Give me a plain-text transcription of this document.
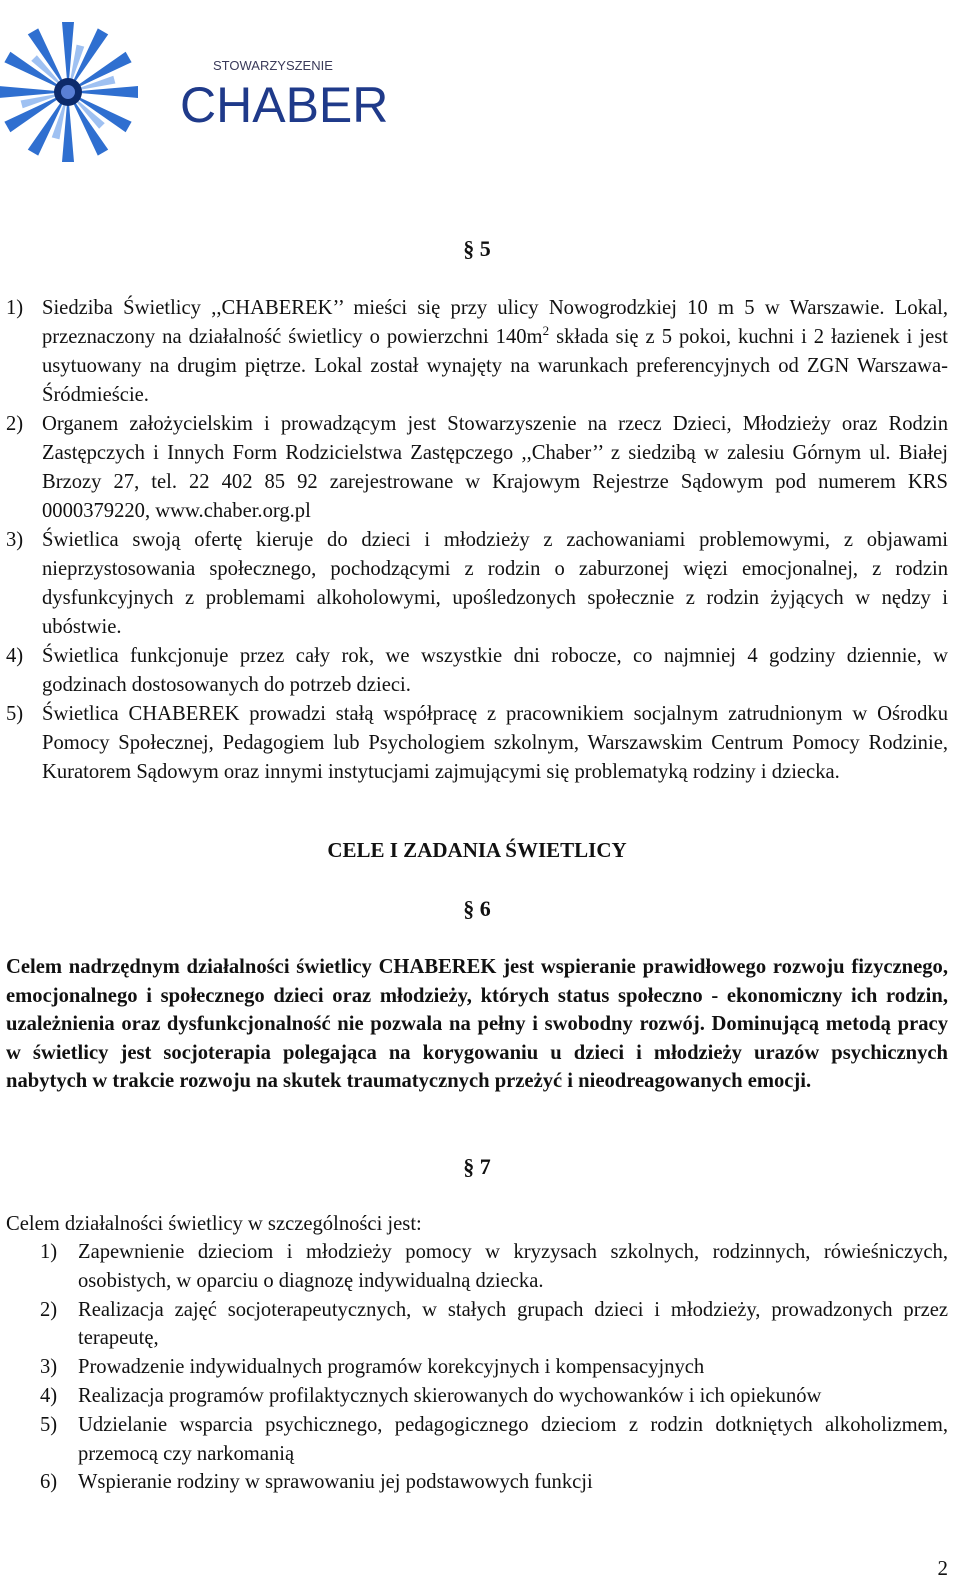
STOWARZYSZENIE
CHABER
§ 5
1) Siedziba Świetlicy ,,CHABEREK’’ mieści się przy ulicy Nowogrodzkiej 10 m 5 w Warszawie. Lokal, przeznaczony na działalność świetlicy o powierzchni $140m^2$ składa się z 5 pokoi, kuchni i 2 łazienek i jest usytuowany na drugim piętrze. Lokal został wynajęty na warunkach preferencyjnych od ZGN Warszawa-Śródmieście.
2) Organem założycielskim i prowadzącym jest Stowarzyszenie na rzecz Dzieci, Młodzieży oraz Rodzin Zastępczych i Innych Form Rodzicielstwa Zastępczego ,,Chaber’’ z siedzibą w zalesiu Górnym ul. Białej Brzozy 27, tel. 22 402 85 92 zarejestrowane w Krajowym Rejestrze Sądowym pod numerem KRS 0000379220, www.chaber.org.pl
3) Świetlica swoją ofertę kieruje do dzieci i młodzieży z zachowaniami problemowymi, z objawami nieprzystosowania społecznego, pochodzącymi z rodzin o zaburzonej więzi emocjonalnej, z rodzin dysfunkcyjnych z problemami alkoholowymi, upośledzonych społecznie z rodzin żyjących w nędzy i ubóstwie.
4) Świetlica funkcjonuje przez cały rok, we wszystkie dni robocze, co najmniej 4 godziny dziennie, w godzinach dostosowanych do potrzeb dzieci.
5) Świetlica CHABEREK prowadzi stałą współpracę z pracownikiem socjalnym zatrudnionym w Ośrodku Pomocy Społecznej, Pedagogiem lub Psychologiem szkolnym, Warszawskim Centrum Pomocy Rodzinie, Kuratorem Sądowym oraz innymi instytucjami zajmującymi się problematyką rodziny i dziecka.
CELE I ZADANIA ŚWIETLICY
§ 6

Celem nadrzędnym działalności świetlicy CHABEREK jest wspieranie prawidłowego rozwoju fizycznego, emocjonalnego i społecznego dzieci oraz młodzieży, których status społeczno - ekonomiczny ich rodzin, uzależnienia oraz dysfunkcjonalność nie pozwala na pełny i swobodny rozwój. Dominującą metodą pracy w świetlicy jest socjoterapia polegająca na korygowaniu u dzieci i młodzieży urazów psychicznych nabytych w trakcie rozwoju na skutek traumatycznych przeżyć i nieodreagowanych emocji.

§ 7

Celem działalności świetlicy w szczególności jest:

1) Zapewnienie dzieciom i młodzieży pomocy w kryzysach szkolnych, rodzinnych, rówieśniczych, osobistych, w oparciu o diagnozę indywidualną dziecka.
2) Realizacja zajęć socjoterapeutycznych, w stałych grupach dzieci i młodzieży, prowadzonych przez terapeutę,
3) Prowadzenie indywidualnych programów korekcyjnych i kompensacyjnych
4) Realizacja programów profilaktycznych skierowanych do wychowanków i ich opiekunów
5) Udzielanie wsparcia psychicznego, pedagogicznego dzieciom z rodzin dotkniętych alkoholizmem, przemocą czy narkomanią
6) Wspieranie rodziny w sprawowaniu jej podstawowych funkcji
2
